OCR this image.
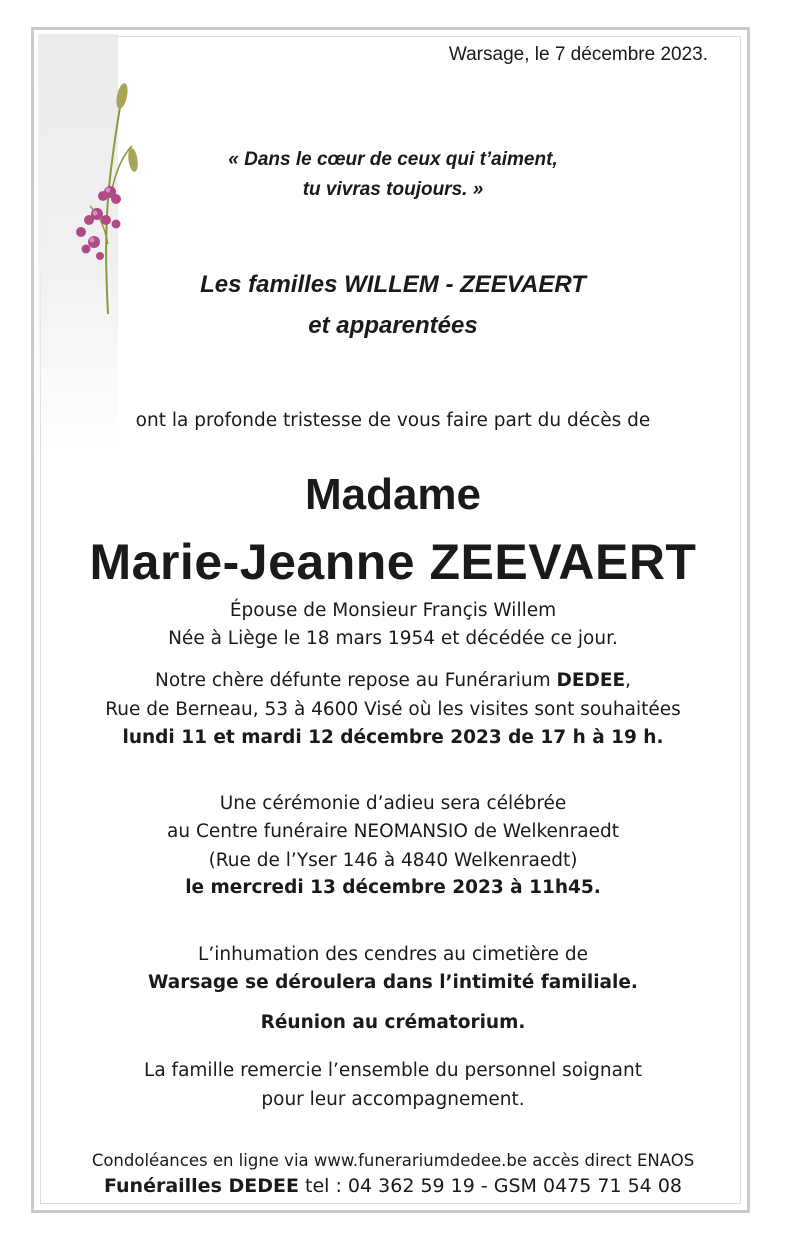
Warsage, le 7 décembre 2023.
« Dans le cœur de ceux qui t’aiment,
tu vivras toujours. »
Les familles WILLEM - ZEEVAERT
et apparentées
ont la profonde tristesse de vous faire part du décès de
Madame
Marie-Jeanne ZEEVAERT
Épouse de Monsieur Françis Willem
Née à Liège le 18 mars 1954 et décédée ce jour.
Notre chère défunte repose au Funérarium DEDEE,
Rue de Berneau, 53 à 4600 Visé où les visites sont souhaitées
lundi 11 et mardi 12 décembre 2023 de 17 h à 19 h.
Une cérémonie d’adieu sera célébrée
au Centre funéraire NEOMANSIO de Welkenraedt
(Rue de l’Yser 146 à 4840 Welkenraedt)
le mercredi 13 décembre 2023 à 11h45.
L’inhumation des cendres au cimetière de
Warsage se déroulera dans l’intimité familiale.
Réunion au crématorium.
La famille remercie l’ensemble du personnel soignant
pour leur accompagnement.
Condoléances en ligne via www.funerariumdedee.be accès direct ENAOS
Funérailles DEDEE tel : 04 362 59 19 - GSM 0475 71 54 08
